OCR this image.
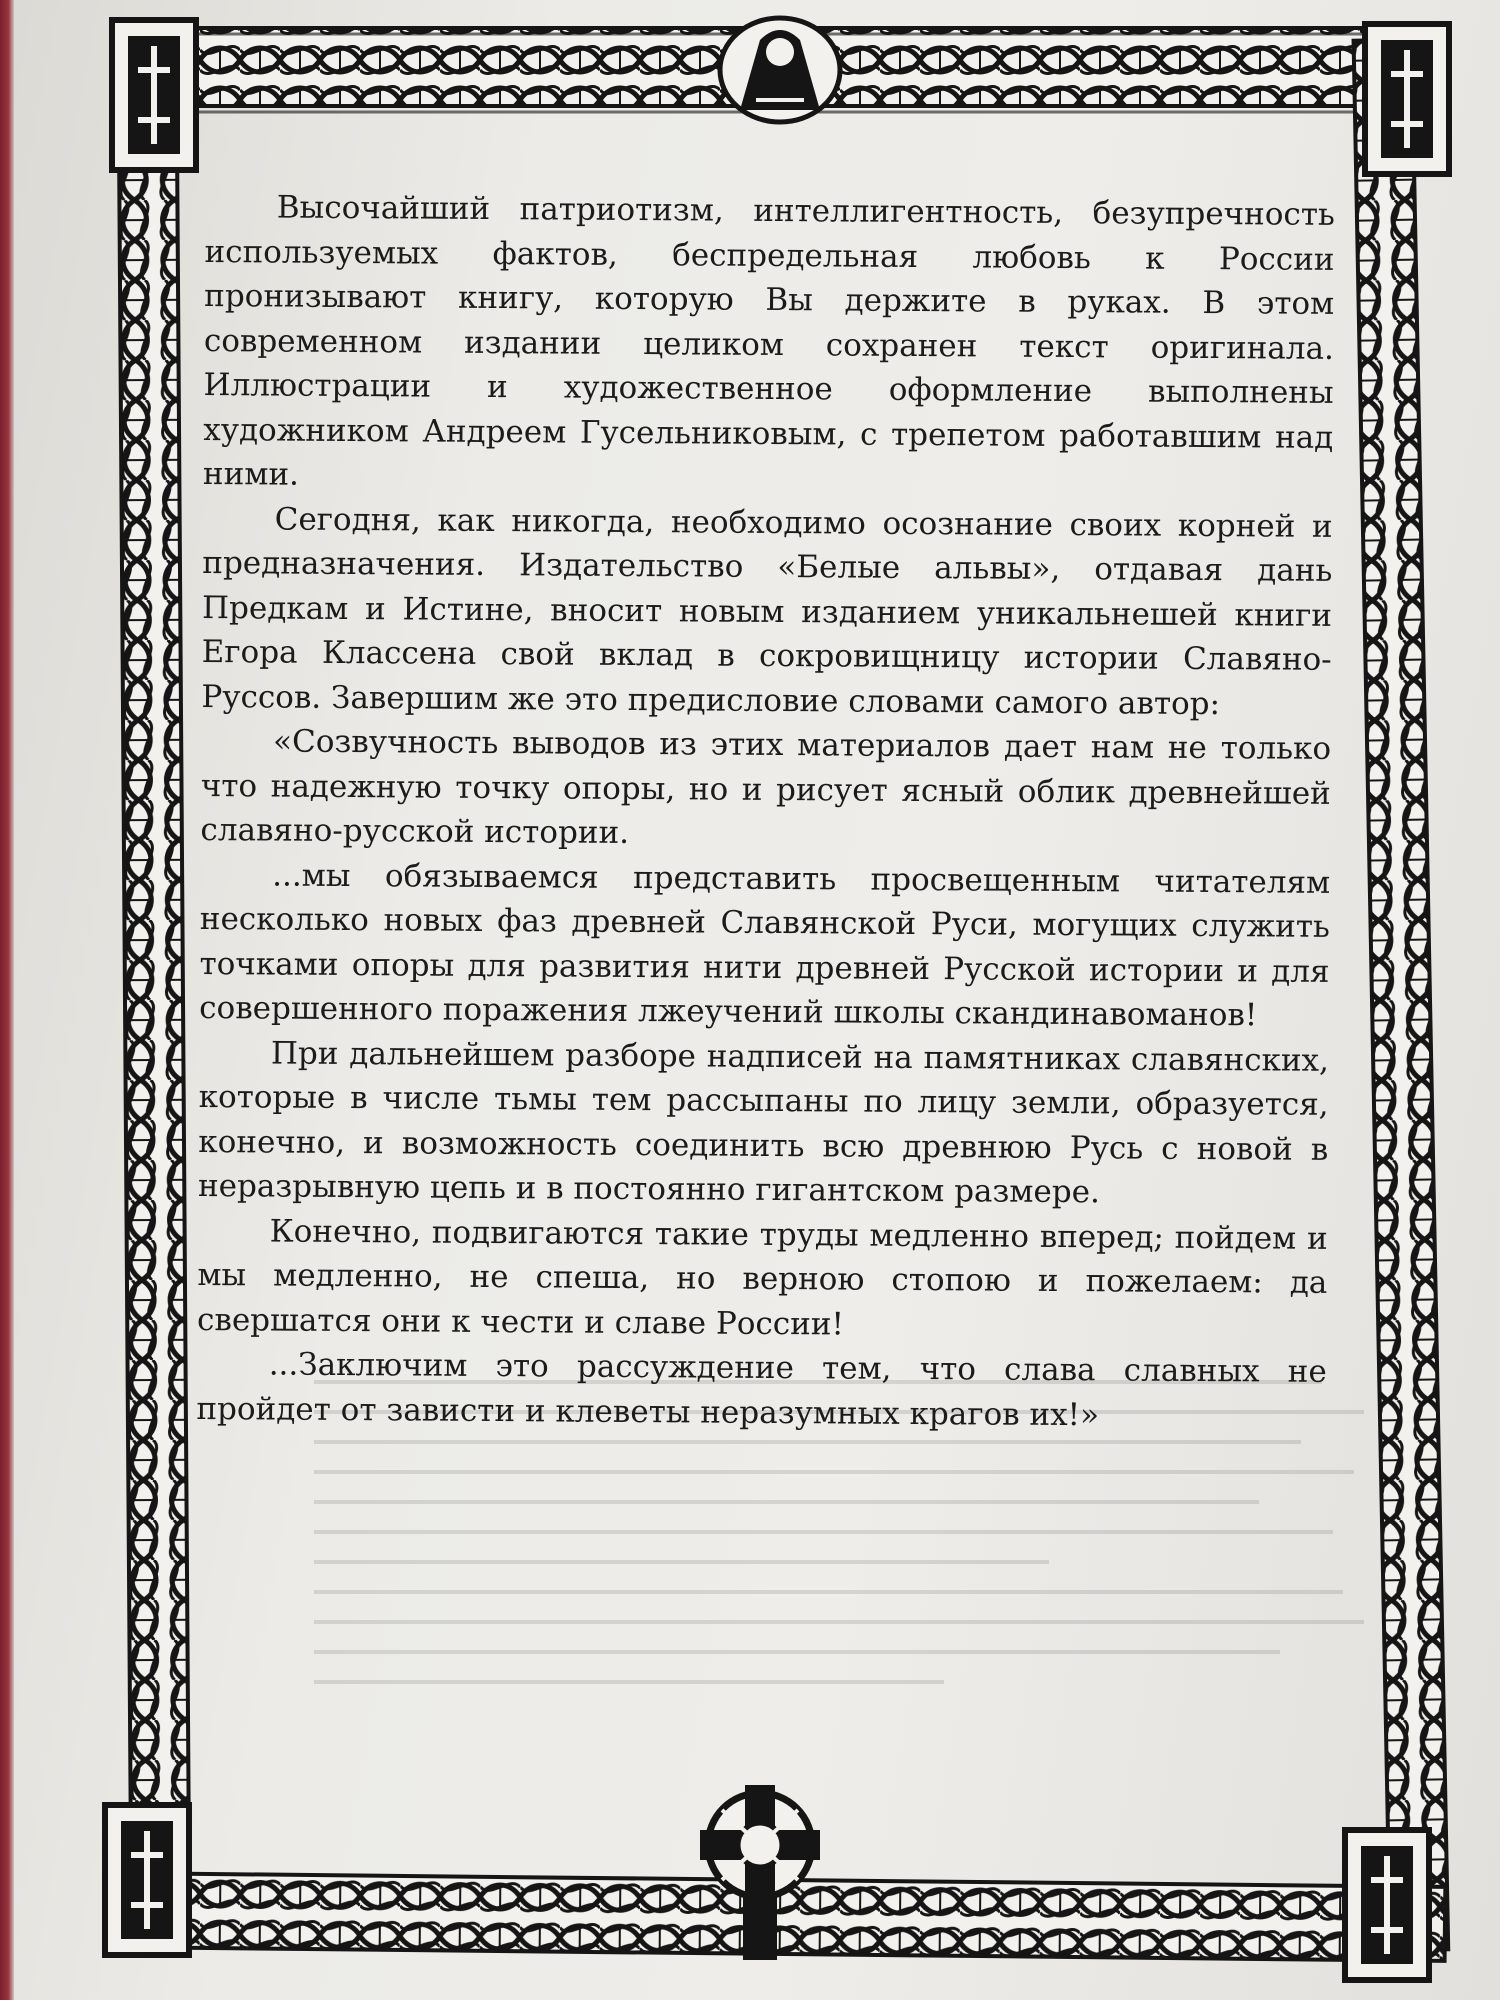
Высочайший патриотизм, интеллигентность, безупречность используемых фактов, беспредельная любовь к России пронизывают книгу, которую Вы держите в руках. В этом современном издании целиком сохранен текст оригинала. Иллюстрации и художественное оформление выполнены художником Андреем Гусельниковым, с трепетом работавшим над ними.

Сегодня, как никогда, необходимо осознание своих корней и предназначения. Издательство «Белые альвы», отдавая дань Предкам и Истине, вносит новым изданием уникальнешей книги Егора Классена свой вклад в сокровищницу истории Славяно-Руссов. Завершим же это предисловие словами самого автор:

«Созвучность выводов из этих материалов дает нам не только что надежную точку опоры, но и рисует ясный облик древнейшей славяно-русской истории.

...мы обязываемся представить просвещенным читателям несколько новых фаз древней Славянской Руси, могущих служить точками опоры для развития нити древней Русской истории и для совершенного поражения лжеучений школы скандинавоманов!

При дальнейшем разборе надписей на памятниках славянских, которые в числе тьмы тем рассыпаны по лицу земли, образуется, конечно, и возможность соединить всю древнюю Русь с новой в неразрывную цепь и в постоянно гигантском размере.

Конечно, подвигаются такие труды медленно вперед; пойдем и мы медленно, не спеша, но верною стопою и пожелаем: да свершатся они к чести и славе России!

...Заключим это рассуждение тем, что слава славных не пройдет от зависти и клеветы неразумных крагов их!»
